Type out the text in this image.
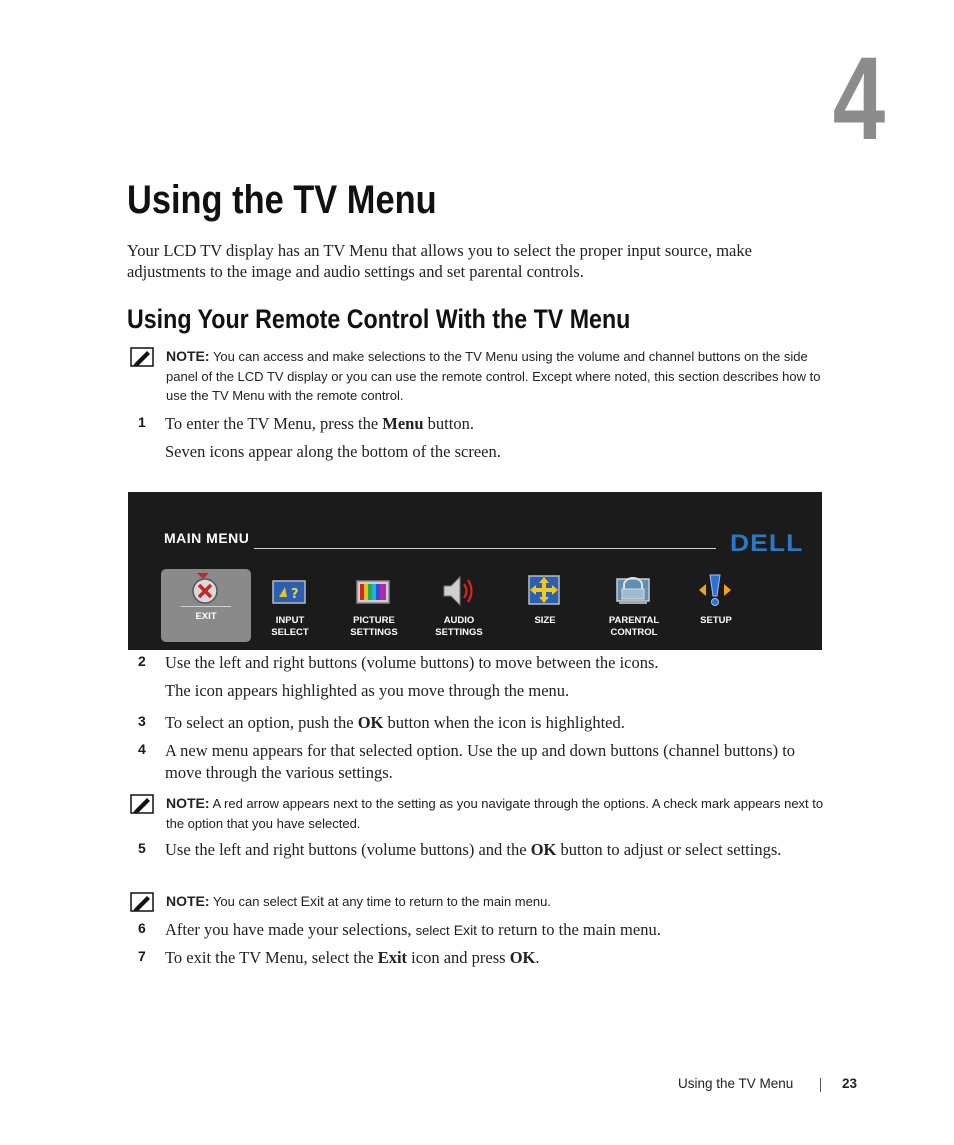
4
Using the TV Menu

Your LCD TV display has an TV Menu that allows you to select the proper input source, make adjustments to the image and audio settings and set parental controls.

Using Your Remote Control With the TV Menu
NOTE: You can access and make selections to the TV Menu using the volume and channel buttons on the side panel of the LCD TV display or you can use the remote control. Except where noted, this section describes how to use the TV Menu with the remote control.
1 To enter the TV Menu, press the Menu button.
Seven icons appear along the bottom of the screen.
MAIN MENU	DELL
EXIT
?
INPUT
SELECT
PICTURE
SETTINGS
AUDIO
SETTINGS
SIZE	PARENTAL
CONTROL
SETUP
2 Use the left and right buttons (volume buttons) to move between the icons.
The icon appears highlighted as you move through the menu.
3 To select an option, push the OK button when the icon is highlighted.
4 A new menu appears for that selected option. Use the up and down buttons (channel buttons) to move through the various settings.
NOTE: A red arrow appears next to the setting as you navigate through the options. A check mark appears next to the option that you have selected.
5 Use the left and right buttons (volume buttons) and the OK button to adjust or select settings.
NOTE: You can select Exit at any time to return to the main menu.
6 After you have made your selections, select Exit to return to the main menu.
7 To exit the TV Menu, select the Exit icon and press OK.
Using the TV Menu	23
